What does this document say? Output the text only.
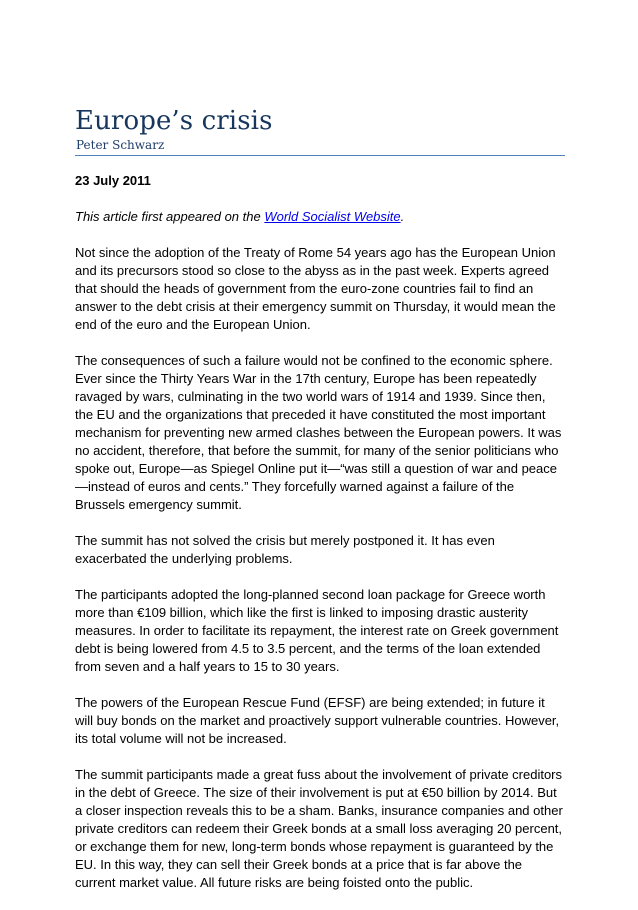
Europe’s crisis
Peter Schwarz

23 July 2011

This article first appeared on the World Socialist Website.

Not since the adoption of the Treaty of Rome 54 years ago has the European Union and its precursors stood so close to the abyss as in the past week. Experts agreed that should the heads of government from the euro-zone countries fail to find an answer to the debt crisis at their emergency summit on Thursday, it would mean the end of the euro and the European Union.

The consequences of such a failure would not be confined to the economic sphere. Ever since the Thirty Years War in the 17th century, Europe has been repeatedly ravaged by wars, culminating in the two world wars of 1914 and 1939. Since then, the EU and the organizations that preceded it have constituted the most important mechanism for preventing new armed clashes between the European powers. It was no accident, therefore, that before the summit, for many of the senior politicians who spoke out, Europe—as Spiegel Online put it—“was still a question of war and peace—instead of euros and cents.” They forcefully warned against a failure of the Brussels emergency summit.

The summit has not solved the crisis but merely postponed it. It has even exacerbated the underlying problems.

The participants adopted the long-planned second loan package for Greece worth more than €109 billion, which like the first is linked to imposing drastic austerity measures. In order to facilitate its repayment, the interest rate on Greek government debt is being lowered from 4.5 to 3.5 percent, and the terms of the loan extended from seven and a half years to 15 to 30 years.

The powers of the European Rescue Fund (EFSF) are being extended; in future it will buy bonds on the market and proactively support vulnerable countries. However, its total volume will not be increased.

The summit participants made a great fuss about the involvement of private creditors in the debt of Greece. The size of their involvement is put at €50 billion by 2014. But a closer inspection reveals this to be a sham. Banks, insurance companies and other private creditors can redeem their Greek bonds at a small loss averaging 20 percent, or exchange them for new, long-term bonds whose repayment is guaranteed by the EU. In this way, they can sell their Greek bonds at a price that is far above the current market value. All future risks are being foisted onto the public.
